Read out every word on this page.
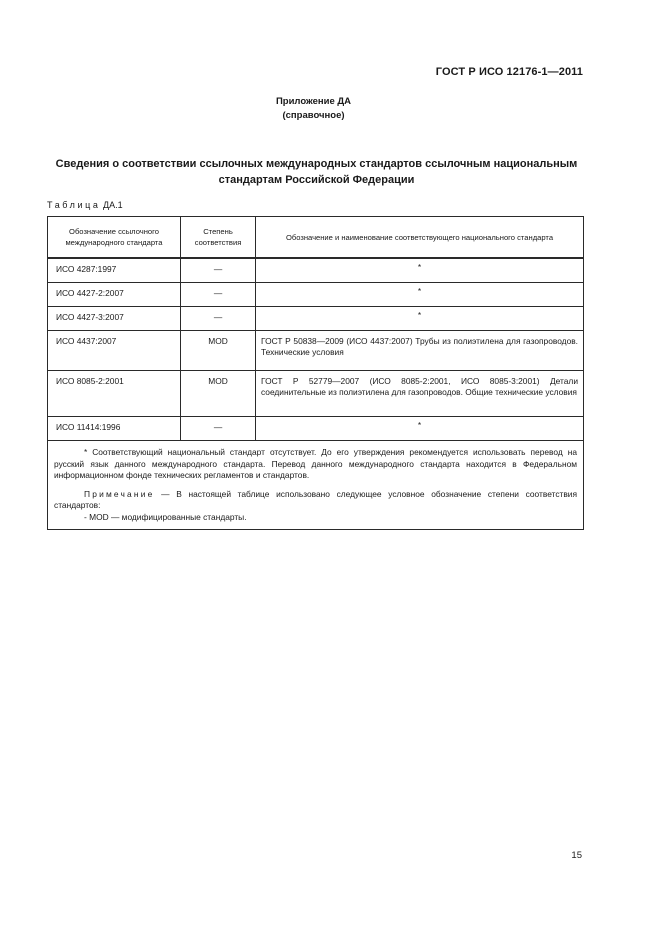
ГОСТ Р ИСО 12176-1—2011
Приложение ДА
(справочное)
Сведения о соответствии ссылочных международных стандартов ссылочным национальным
стандартам Российской Федерации
Таблица ДА.1
Обозначение ссылочного международного стандарта	Степень соответствия	Обозначение и наименование соответствующего национального стандарта
ИСО 4287:1997	—	*
ИСО 4427-2:2007	—	*
ИСО 4427-3:2007	—	*
ИСО 4437:2007	MOD	ГОСТ Р 50838—2009 (ИСО 4437:2007) Трубы из полиэтилена для газопроводов. Технические условия
ИСО 8085-2:2001	MOD	ГОСТ Р 52779—2007 (ИСО 8085-2:2001, ИСО 8085-3:2001) Детали соединительные из полиэтилена для газопроводов. Общие технические условия
ИСО 11414:1996	—	*

* Соответствующий национальный стандарт отсутствует. До его утверждения рекомендуется использовать перевод на русский язык данного международного стандарта. Перевод данного международного стандарта находится в Федеральном информационном фонде технических регламентов и стандартов.

Примечание — В настоящей таблице использовано следующее условное обозначение степени соответствия стандартов:

- MOD — модифицированные стандарты.		

15
